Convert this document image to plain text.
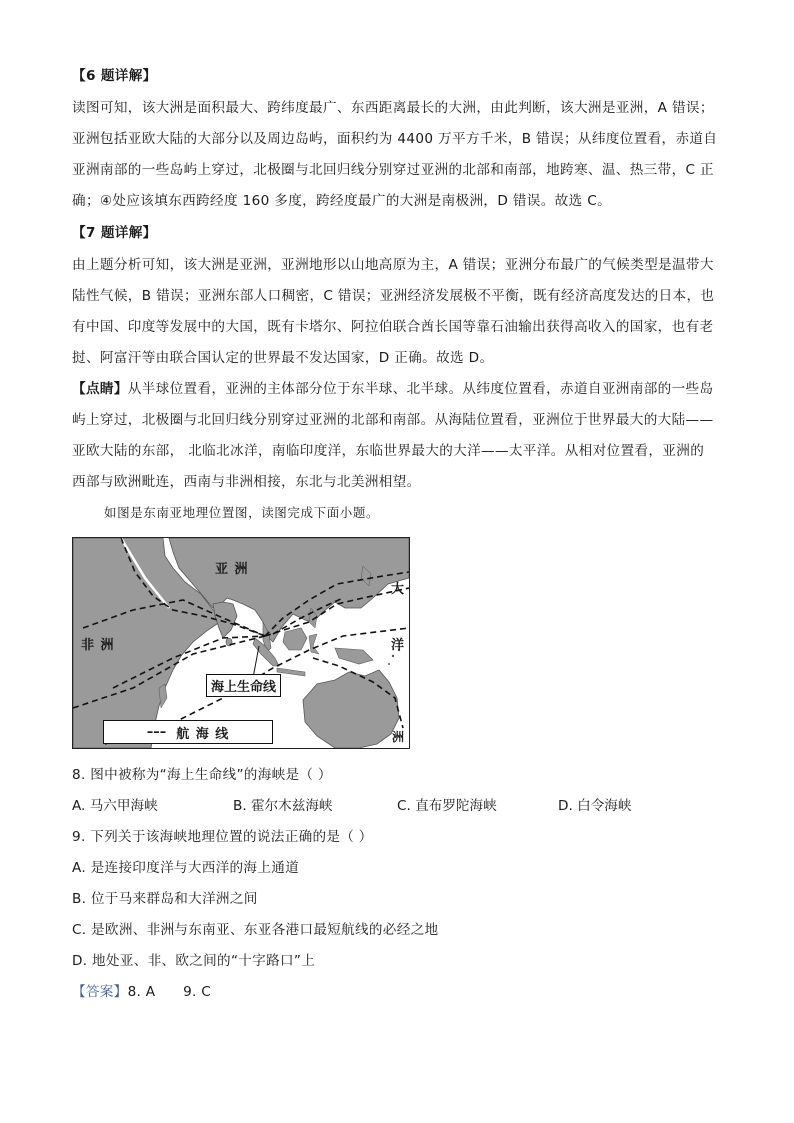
【6 题详解】
读图可知，该大洲是面积最大、跨纬度最广、东西距离最长的大洲，由此判断，该大洲是亚洲，A 错误；
亚洲包括亚欧大陆的大部分以及周边岛屿，面积约为 4400 万平方千米，B 错误；从纬度位置看，赤道自
亚洲南部的一些岛屿上穿过，北极圈与北回归线分别穿过亚洲的北部和南部，地跨寒、温、热三带，C 正
确；④处应该填东西跨经度 160 多度，跨经度最广的大洲是南极洲，D 错误。故选 C。
【7 题详解】
由上题分析可知，该大洲是亚洲，亚洲地形以山地高原为主，A 错误；亚洲分布最广的气候类型是温带大
陆性气候，B 错误；亚洲东部人口稠密，C 错误；亚洲经济发展极不平衡，既有经济高度发达的日本，也
有中国、印度等发展中的大国，既有卡塔尔、阿拉伯联合酋长国等靠石油输出获得高收入的国家，也有老
挝、阿富汗等由联合国认定的世界最不发达国家，D 正确。故选 D。
【点睛】从半球位置看，亚洲的主体部分位于东半球、北半球。从纬度位置看，赤道自亚洲南部的一些岛
屿上穿过，北极圈与北回归线分别穿过亚洲的北部和南部。从海陆位置看，亚洲位于世界最大的大陆——
亚欧大陆的东部， 北临北冰洋，南临印度洋，东临世界最大的大洋——太平洋。从相对位置看，亚洲的
西部与欧洲毗连，西南与非洲相接，东北与北美洲相望。
如图是东南亚地理位置图，读图完成下面小题。
亚 洲
非 洲
大
洋
洲
海上生命线
––– 航 海 线
8. 图中被称为“海上生命线”的海峡是（ ）
A. 马六甲海峡	B. 霍尔木兹海峡	C. 直布罗陀海峡	D. 白令海峡
9. 下列关于该海峡地理位置的说法正确的是（ ）
A. 是连接印度洋与大西洋的海上通道
B. 位于马来群岛和大洋洲之间
C. 是欧洲、非洲与东南亚、东亚各港口最短航线的必经之地
D. 地处亚、非、欧之间的“十字路口”上
【答案】8. A      9. C
